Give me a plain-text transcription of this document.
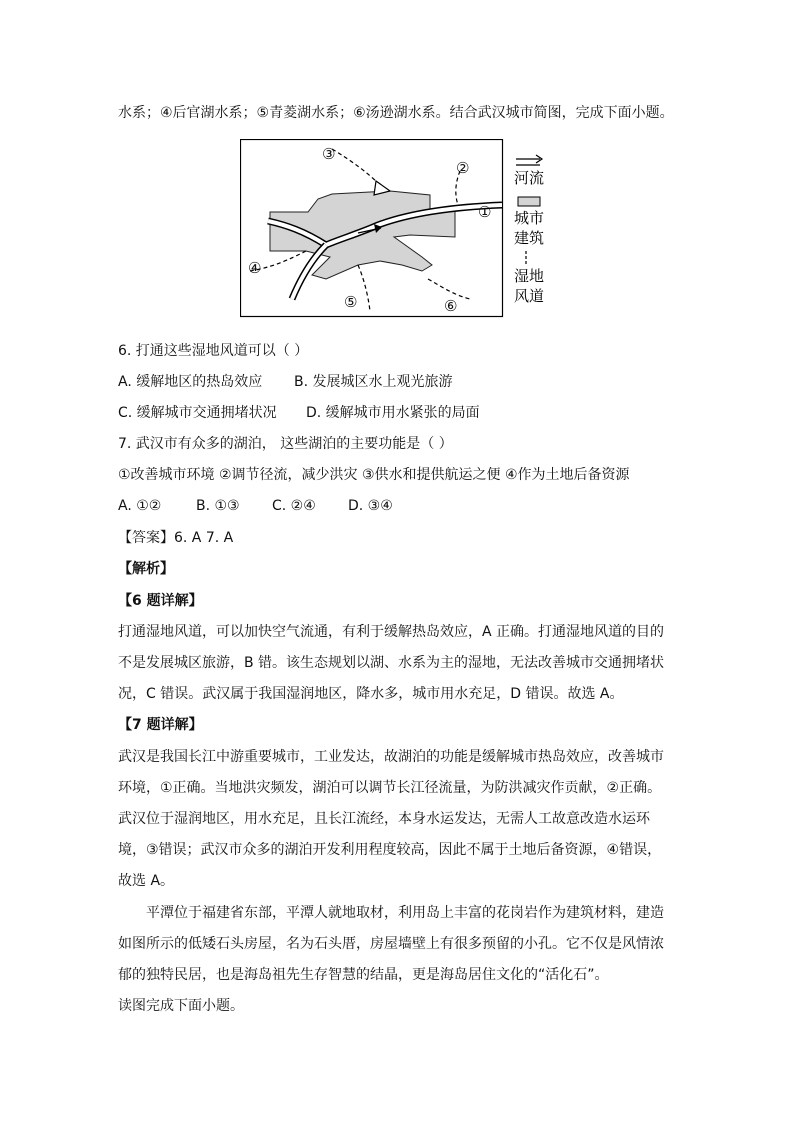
水系；④后官湖水系；⑤青菱湖水系；⑥汤逊湖水系。结合武汉城市简图，完成下面小题。
③
②
①
④
⑤	⑥
河流
城市
建筑
湿地
风道
6. 打通这些湿地风道可以（ ）
A. 缓解地区的热岛效应 B. 发展城区水上观光旅游
C. 缓解城市交通拥堵状况 D. 缓解城市用水紧张的局面
7. 武汉市有众多的湖泊， 这些湖泊的主要功能是（ ）
①改善城市环境 ②调节径流，减少洪灾 ③供水和提供航运之便 ④作为土地后备资源
A. ①② B. ①③ C. ②④ D. ③④
【答案】6. A 7. A
【解析】
【6 题详解】
打通湿地风道，可以加快空气流通，有利于缓解热岛效应，A 正确。打通湿地风道的目的
不是发展城区旅游，B 错。该生态规划以湖、水系为主的湿地，无法改善城市交通拥堵状
况，C 错误。武汉属于我国湿润地区，降水多，城市用水充足，D 错误。故选 A。
【7 题详解】
武汉是我国长江中游重要城市，工业发达，故湖泊的功能是缓解城市热岛效应，改善城市
环境，①正确。当地洪灾频发，湖泊可以调节长江径流量，为防洪减灾作贡献，②正确。
武汉位于湿润地区，用水充足，且长江流经，本身水运发达，无需人工故意改造水运环
境，③错误；武汉市众多的湖泊开发利用程度较高，因此不属于土地后备资源，④错误，
故选 A。
平潭位于福建省东部，平潭人就地取材，利用岛上丰富的花岗岩作为建筑材料，建造
如图所示的低矮石头房屋，名为石头厝，房屋墙壁上有很多预留的小孔。它不仅是风情浓
郁的独特民居，也是海岛祖先生存智慧的结晶，更是海岛居住文化的“活化石”。
读图完成下面小题。
